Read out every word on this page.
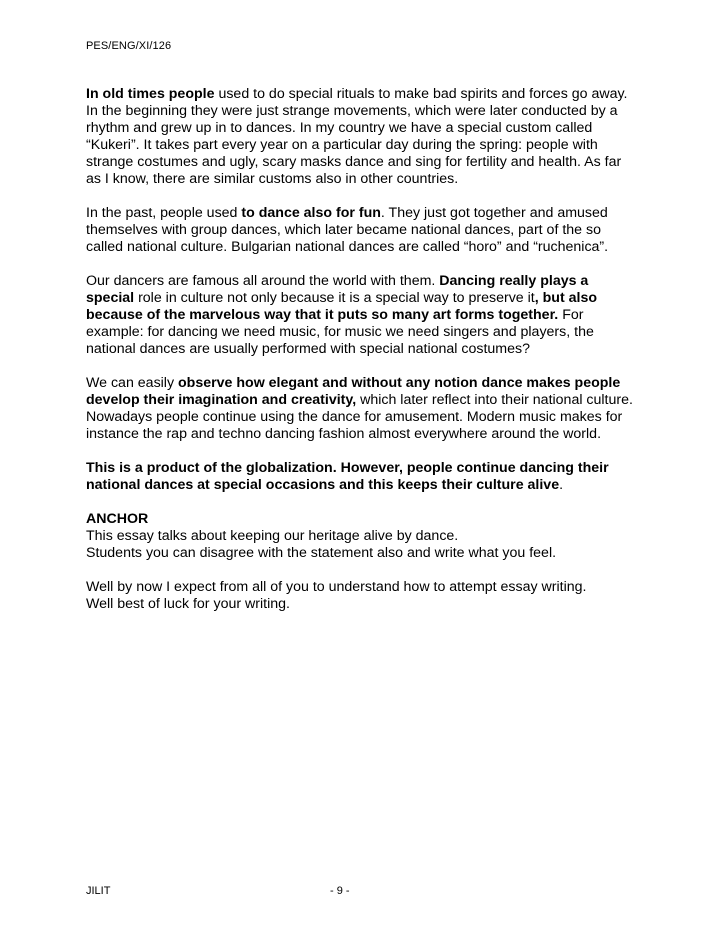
PES/ENG/XI/126

In old times people used to do special rituals to make bad spirits and forces go away.
In the beginning they were just strange movements, which were later conducted by a
rhythm and grew up in to dances. In my country we have a special custom called
“Kukeri”. It takes part every year on a particular day during the spring: people with
strange costumes and ugly, scary masks dance and sing for fertility and health. As far
as I know, there are similar customs also in other countries.

In the past, people used to dance also for fun. They just got together and amused
themselves with group dances, which later became national dances, part of the so
called national culture. Bulgarian national dances are called “horo” and “ruchenica”.

Our dancers are famous all around the world with them. Dancing really plays a
special role in culture not only because it is a special way to preserve it, but also
because of the marvelous way that it puts so many art forms together. For
example: for dancing we need music, for music we need singers and players, the
national dances are usually performed with special national costumes?

We can easily observe how elegant and without any notion dance makes people
develop their imagination and creativity, which later reflect into their national culture.
Nowadays people continue using the dance for amusement. Modern music makes for
instance the rap and techno dancing fashion almost everywhere around the world.

This is a product of the globalization. However, people continue dancing their
national dances at special occasions and this keeps their culture alive.

ANCHOR
This essay talks about keeping our heritage alive by dance.
Students you can disagree with the statement also and write what you feel.

Well by now I expect from all of you to understand how to attempt essay writing.
Well best of luck for your writing.

JILIT	- 9 -
